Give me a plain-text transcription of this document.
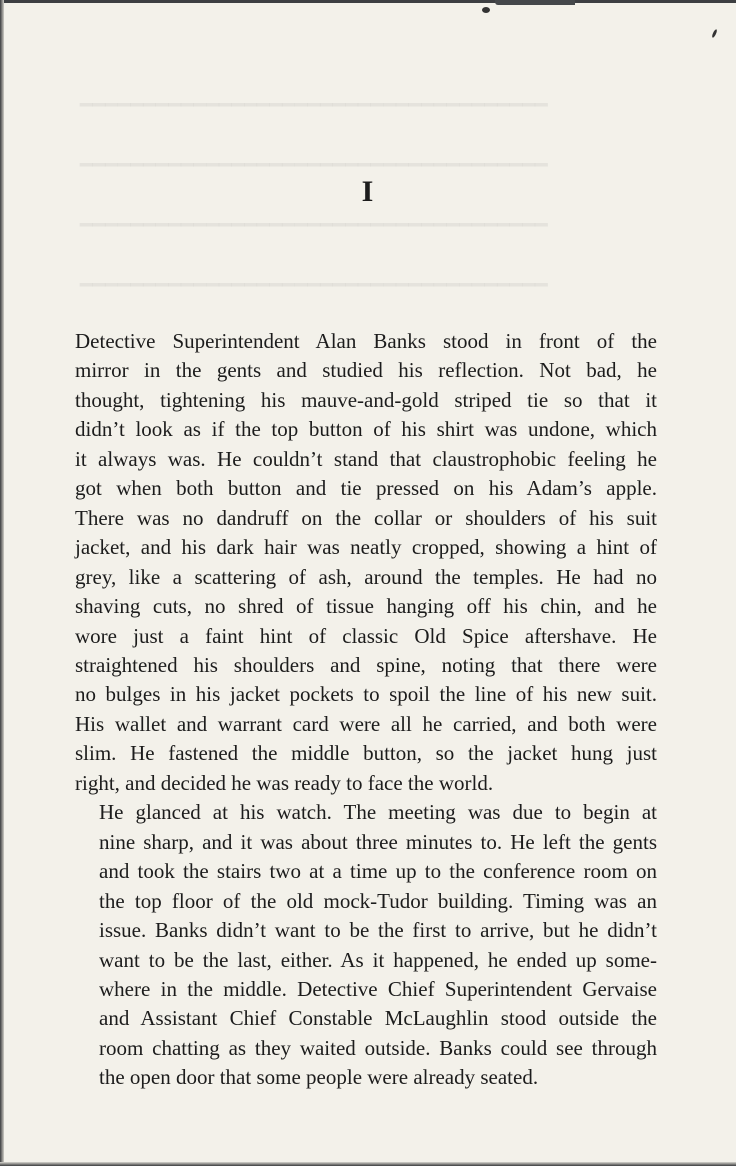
━━━━━━━━━━━━━━━━━━━━━━━━━━━━━━━━━━━━━
━━━━━━━━━━━━━━━━━━━━━━━━━━━━━━━━━━━━━
━━━━━━━━━━━━━━━━━━━━━━━━━━━━━━━━━━━━━
━━━━━━━━━━━━━━━━━━━━━━━━━━━━━━━━━━━━━
I

Detective Superintendent Alan Banks stood in front of the
mirror in the gents and studied his reflection. Not bad, he
thought, tightening his mauve-and-gold striped tie so that it
didn’t look as if the top button of his shirt was undone, which
it always was. He couldn’t stand that claustrophobic feeling he
got when both button and tie pressed on his Adam’s apple.
There was no dandruff on the collar or shoulders of his suit
jacket, and his dark hair was neatly cropped, showing a hint of
grey, like a scattering of ash, around the temples. He had no
shaving cuts, no shred of tissue hanging off his chin, and he
wore just a faint hint of classic Old Spice aftershave. He
straightened his shoulders and spine, noting that there were
no bulges in his jacket pockets to spoil the line of his new suit.
His wallet and warrant card were all he carried, and both were
slim. He fastened the middle button, so the jacket hung just
right, and decided he was ready to face the world.

He glanced at his watch. The meeting was due to begin at
nine sharp, and it was about three minutes to. He left the gents
and took the stairs two at a time up to the conference room on
the top floor of the old mock-Tudor building. Timing was an
issue. Banks didn’t want to be the first to arrive, but he didn’t
want to be the last, either. As it happened, he ended up some-
where in the middle. Detective Chief Superintendent Gervaise
and Assistant Chief Constable McLaughlin stood outside the
room chatting as they waited outside. Banks could see through
the open door that some people were already seated.
